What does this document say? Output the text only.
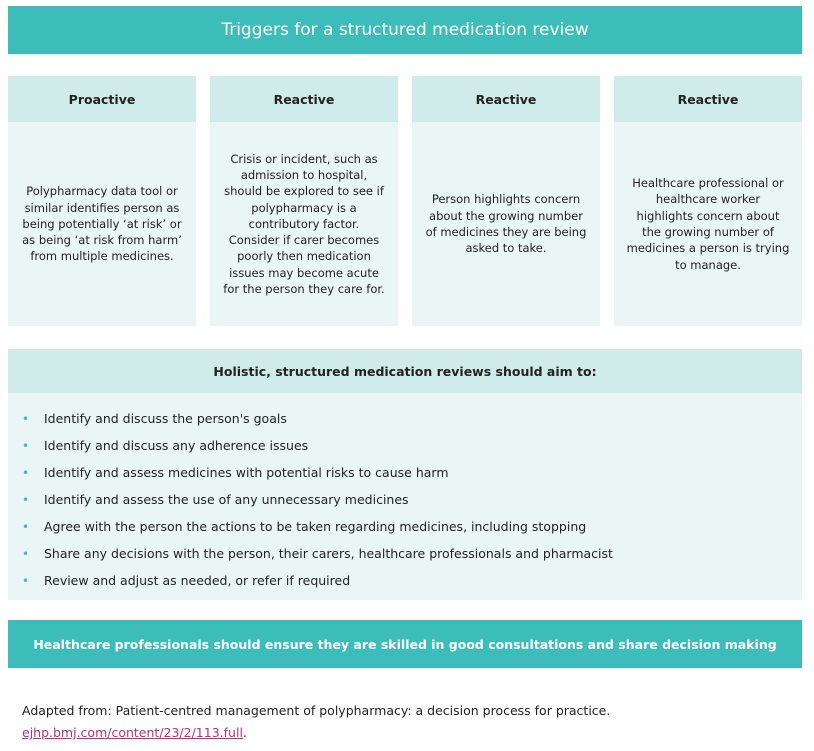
Triggers for a structured medication review
Proactive
Polypharmacy data tool or similar identifies person as being potentially ‘at risk’ or as being ‘at risk from harm’ from multiple medicines.
Reactive
Crisis or incident, such as admission to hospital, should be explored to see if polypharmacy is a contributory factor. Consider if carer becomes poorly then medication issues may become acute for the person they care for.
Reactive
Person highlights concern about the growing number of medicines they are being asked to take.
Reactive
Healthcare professional or healthcare worker highlights concern about the growing number of medicines a person is trying to manage.
Holistic, structured medication reviews should aim to:
•	Identify and discuss the person's goals
•	Identify and discuss any adherence issues
•	Identify and assess medicines with potential risks to cause harm
•	Identify and assess the use of any unnecessary medicines
•	Agree with the person the actions to be taken regarding medicines, including stopping
•	Share any decisions with the person, their carers, healthcare professionals and pharmacist
•	Review and adjust as needed, or refer if required
Healthcare professionals should ensure they are skilled in good consultations and share decision making
Adapted from: Patient-centred management of polypharmacy: a decision process for practice.
ejhp.bmj.com/content/23/2/113.full.
